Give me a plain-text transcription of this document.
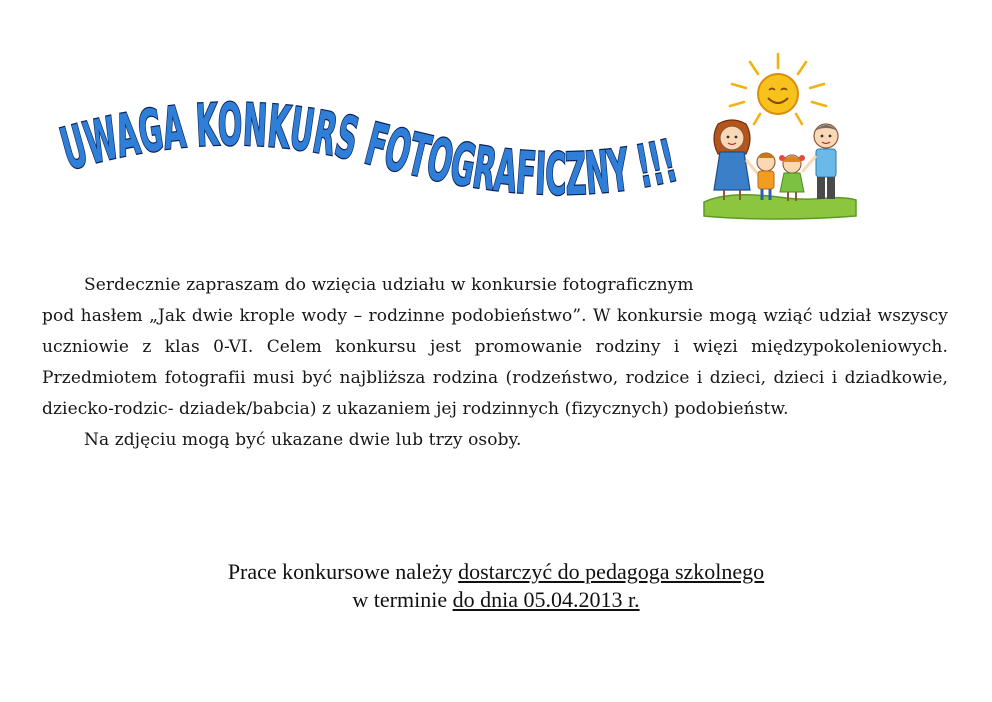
UWAGA KONKURS FOTOGRAFICZNY !!!

Serdecznie zapraszam do wzięcia udziału w konkursie fotograficznym

pod hasłem „Jak dwie krople wody – rodzinne podobieństwo”. W konkursie mogą wziąć udział wszyscy uczniowie z klas 0-VI. Celem konkursu jest promowanie rodziny i więzi międzypokoleniowych. Przedmiotem fotografii musi być najbliższa rodzina (rodzeństwo, rodzice i dzieci, dzieci i dziadkowie, dziecko-rodzic- dziadek/babcia) z ukazaniem jej rodzinnych (fizycznych) podobieństw.

Na zdjęciu mogą być ukazane dwie lub trzy osoby.

Prace konkursowe należy dostarczyć do pedagoga szkolnego
w terminie do dnia 05.04.2013 r.
